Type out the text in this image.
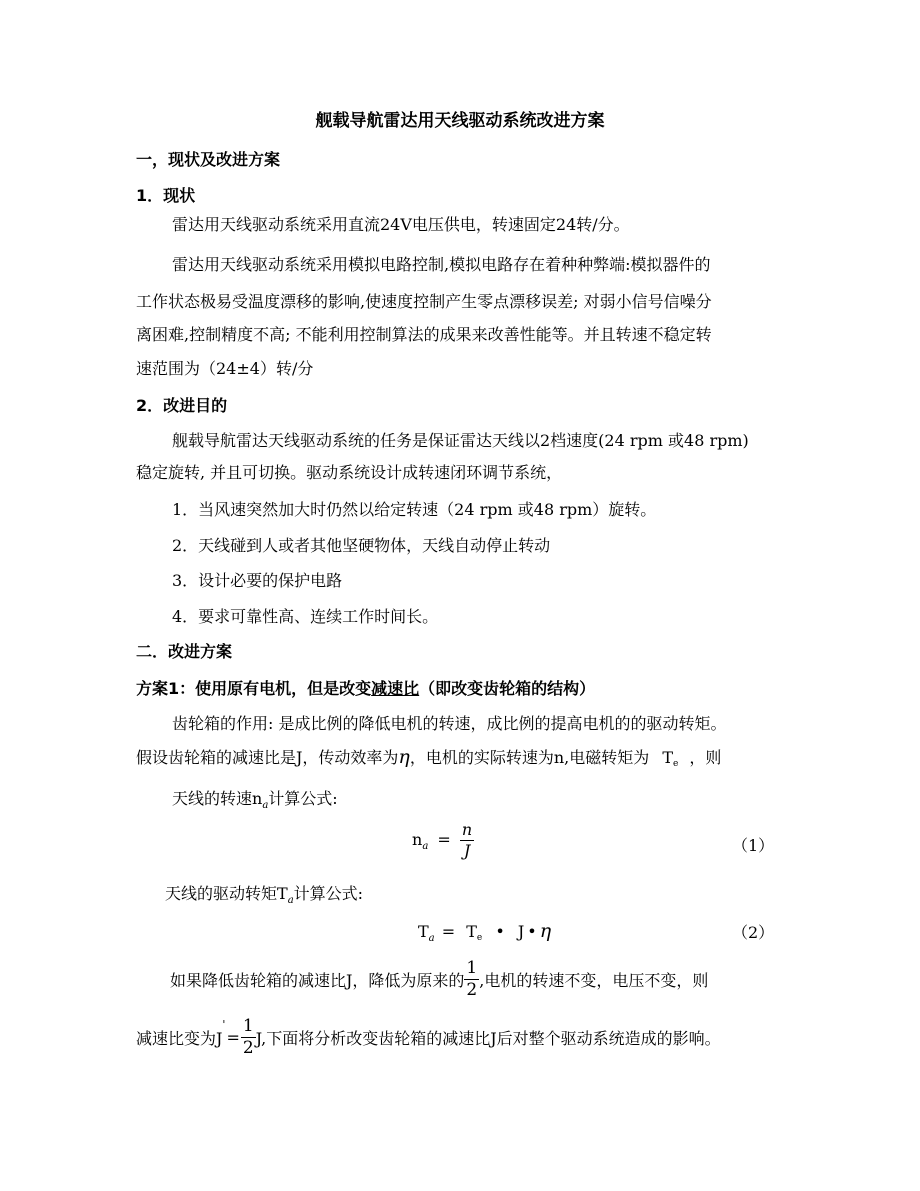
舰载导航雷达用天线驱动系统改进方案
一，现状及改进方案
1．现状
雷达用天线驱动系统采用直流24V电压供电，转速固定24转/分。
雷达用天线驱动系统采用模拟电路控制,模拟电路存在着种种弊端:模拟器件的
工作状态极易受温度漂移的影响,使速度控制产生零点漂移误差; 对弱小信号信噪分
离困难,控制精度不高; 不能利用控制算法的成果来改善性能等。并且转速不稳定转
速范围为（24±4）转/分
2．改进目的
舰载导航雷达天线驱动系统的任务是保证雷达天线以2档速度(24 rpm 或48 rpm)
稳定旋转, 并且可切换。驱动系统设计成转速闭环调节系统，
1．当风速突然加大时仍然以给定转速（24 rpm 或48 rpm）旋转。
2．天线碰到人或者其他坚硬物体，天线自动停止转动
3．设计必要的保护电路
4．要求可靠性高、连续工作时间长。
二．改进方案
方案1：使用原有电机，但是改变减速比（即改变齿轮箱的结构）
齿轮箱的作用: 是成比例的降低电机的转速，成比例的提高电机的的驱动转矩。
假设齿轮箱的减速比是J，传动效率为η，电机的实际转速为n,电磁转矩为 Te ，则
天线的转速$n_a$计算公式:
$n_a = \frac{n}{J}$	（1）
天线的驱动转矩$T_a$计算公式:
$T_a = Te$ • J • η	（2）
如果降低齿轮箱的减速比J，降低为原来的 $\frac{1}{2}$ ,电机的转速不变，电压不变，则
减速比变为$J'= \frac{1}{2} J$,下面将分析改变齿轮箱的减速比J后对整个驱动系统造成的影响。
